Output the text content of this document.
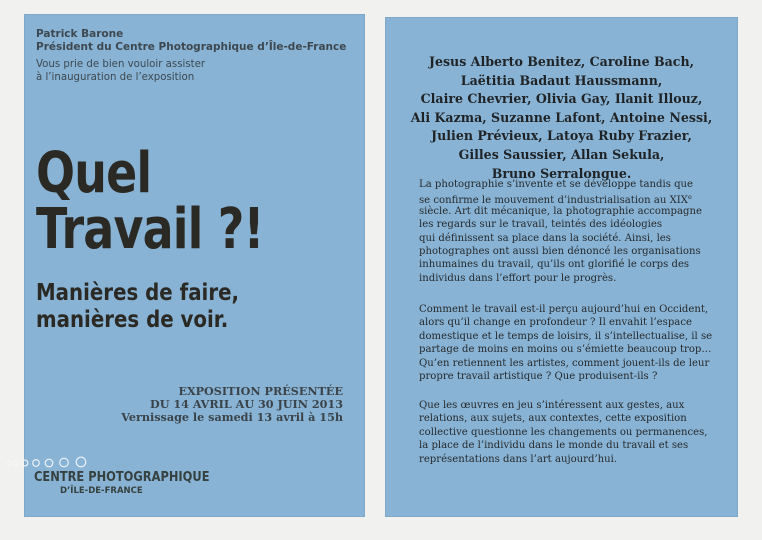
Patrick Barone
Président du Centre Photographique d’Île-de-France
Vous prie de bien vouloir assister
à l’inauguration de l’exposition
Quel
Travail ?!
Manières de faire,
manières de voir.
EXPOSITION PRÉSENTÉE
DU 14 AVRIL AU 30 JUIN 2013
Vernissage le samedi 13 avril à 15h
CENTRE PHOTOGRAPHIQUE
D’ÎLE-DE-FRANCE
Jesus Alberto Benitez, Caroline Bach,
Laëtitia Badaut Haussmann,
Claire Chevrier, Olivia Gay, Ilanit Illouz,
Ali Kazma, Suzanne Lafont, Antoine Nessi,
Julien Prévieux, Latoya Ruby Frazier,
Gilles Saussier, Allan Sekula,
Bruno Serralongue.
La photographie s’invente et se développe tandis que
se confirme le mouvement d’industrialisation au XIXe
siècle. Art dit mécanique, la photographie accompagne
les regards sur le travail, teintés des idéologies
qui définissent sa place dans la société. Ainsi, les
photographes ont aussi bien dénoncé les organisations
inhumaines du travail, qu’ils ont glorifié le corps des
individus dans l’effort pour le progrès.
Comment le travail est-il perçu aujourd’hui en Occident,
alors qu’il change en profondeur ? Il envahit l’espace
domestique et le temps de loisirs, il s’intellectualise, il se
partage de moins en moins ou s’émiette beaucoup trop…
Qu’en retiennent les artistes, comment jouent-ils de leur
propre travail artistique ? Que produisent-ils ?
Que les œuvres en jeu s’intéressent aux gestes, aux
relations, aux sujets, aux contextes, cette exposition
collective questionne les changements ou permanences,
la place de l’individu dans le monde du travail et ses
représentations dans l’art aujourd’hui.
